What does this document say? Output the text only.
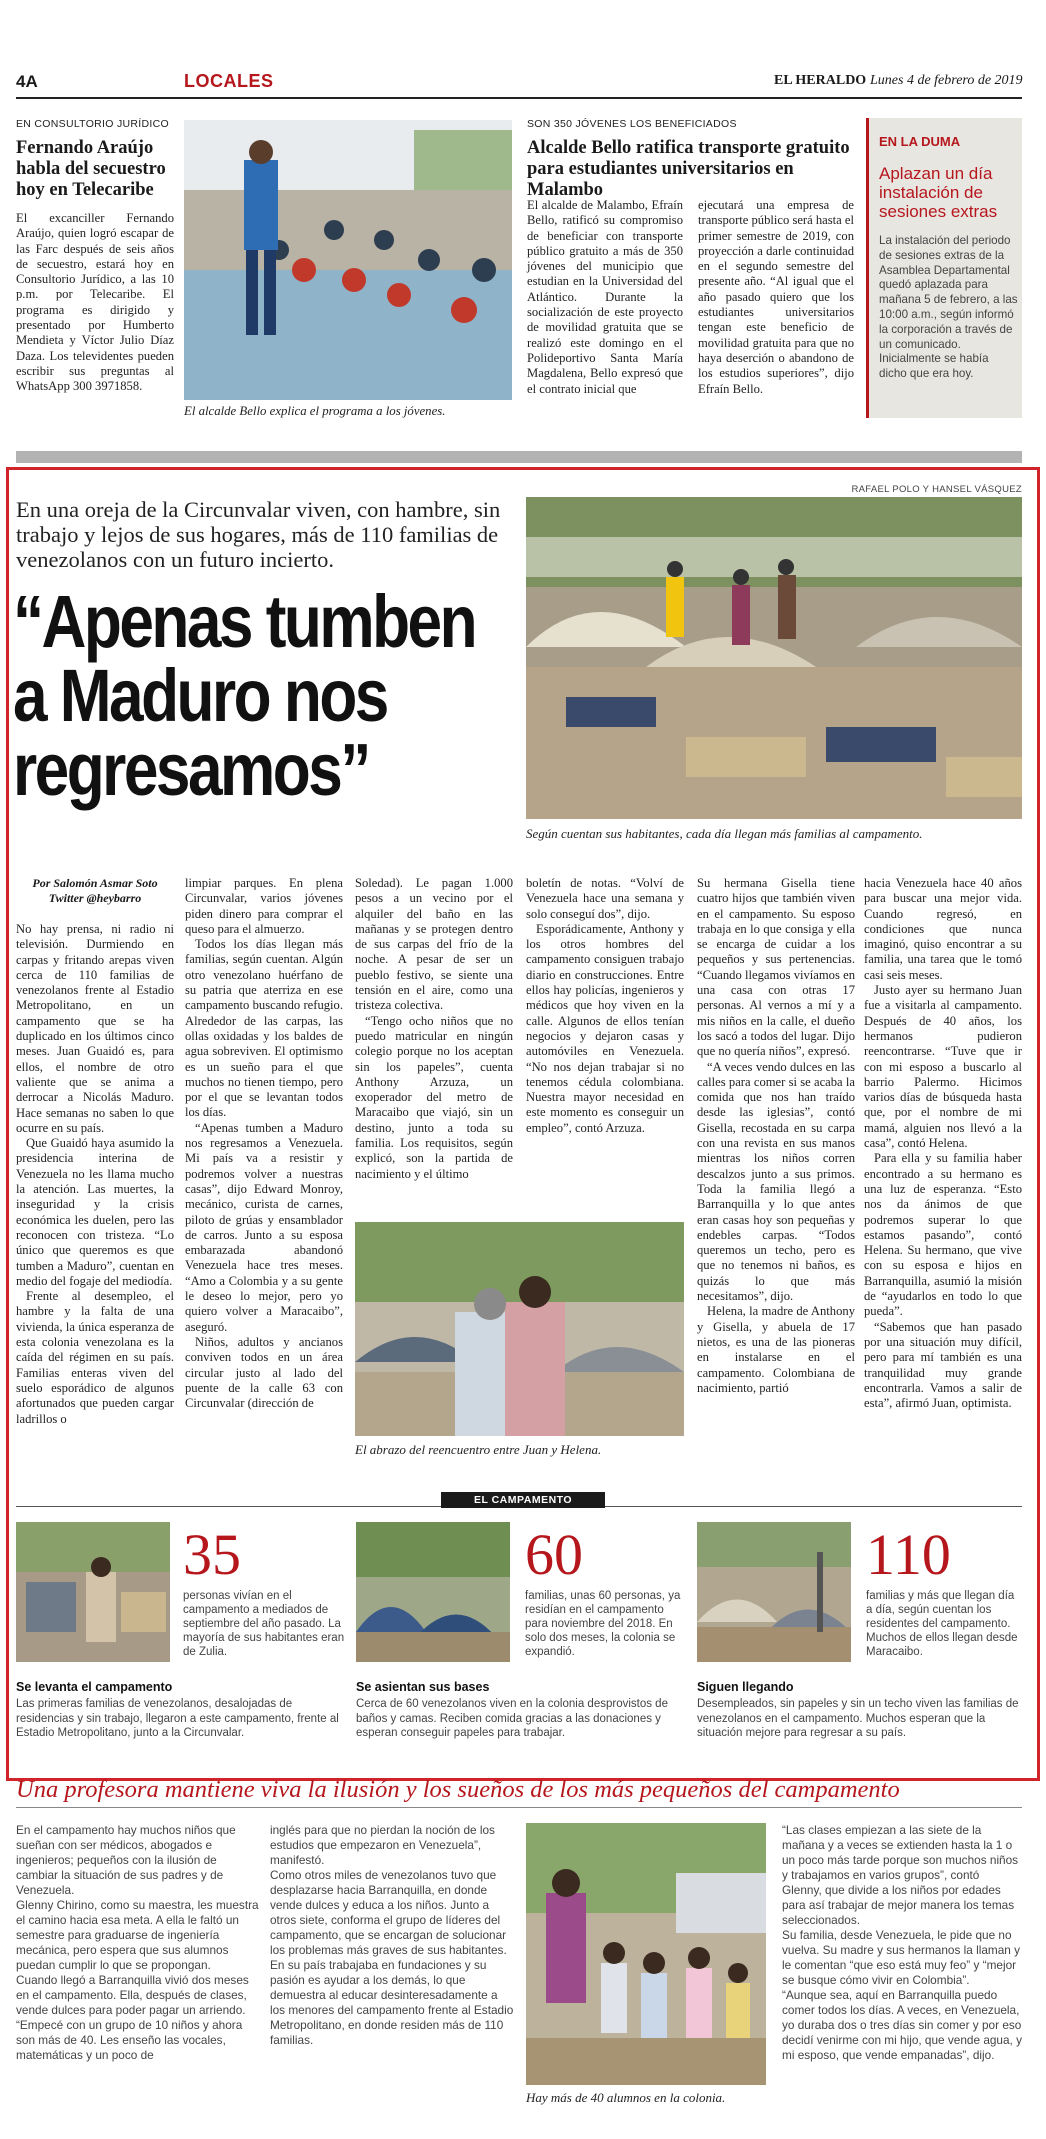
4A	LOCALES	EL HERALDO Lunes 4 de febrero de 2019
EN CONSULTORIO JURÍDICO
Fernando Araújo habla del secuestro hoy en Telecaribe
El excanciller Fernando Araújo, quien logró escapar de las Farc después de seis años de secuestro, estará hoy en Consultorio Jurídico, a las 10 p.m. por Telecaribe. El programa es dirigido y presentado por Humberto Mendieta y Víctor Julio Díaz Daza. Los televidentes pueden escribir sus preguntas al WhatsApp 300 3971858.
El alcalde Bello explica el programa a los jóvenes.
SON 350 JÓVENES LOS BENEFICIADOS
Alcalde Bello ratifica transporte gratuito para estudiantes universitarios en Malambo
El alcalde de Malambo, Efraín Bello, ratificó su compromiso de beneficiar con transporte público gratuito a más de 350 jóvenes del municipio que estudian en la Universidad del Atlántico. Durante la socialización de este proyecto de movilidad gratuita que se realizó este domingo en el Polideportivo Santa María Magdalena, Bello expresó que el contrato inicial que
ejecutará una empresa de transporte público será hasta el primer semestre de 2019, con proyección a darle continuidad en el segundo semestre del presente año. “Al igual que el año pasado quiero que los estudiantes universitarios tengan este beneficio de movilidad gratuita para que no haya deserción o abandono de los estudios superiores”, dijo Efraín Bello.
EN LA DUMA
Aplazan un día instalación de sesiones extras
La instalación del periodo de sesiones extras de la Asamblea Departamental quedó aplazada para mañana 5 de febrero, a las 10:00 a.m., según informó la corporación a través de un comunicado. Inicialmente se había dicho que era hoy.
RAFAEL POLO Y HANSEL VÁSQUEZ
En una oreja de la Circunvalar viven, con hambre, sin trabajo y lejos de sus hogares, más de 110 familias de venezolanos con un futuro incierto.
“Apenas tumben a Maduro nos regresamos”
Según cuentan sus habitantes, cada día llegan más familias al campamento.
Por Salomón Asmar Soto
Twitter @heybarro

No hay prensa, ni radio ni televisión. Durmiendo en carpas y fritando arepas viven cerca de 110 familias de venezolanos frente al Estadio Metropolitano, en un campamento que se ha duplicado en los últimos cinco meses. Juan Guaidó es, para ellos, el nombre de otro valiente que se anima a derrocar a Nicolás Maduro. Hace semanas no saben lo que ocurre en su país.

Que Guaidó haya asumido la presidencia interina de Venezuela no les llama mucho la atención. Las muertes, la inseguridad y la crisis económica les duelen, pero las reconocen con tristeza. “Lo único que queremos es que tumben a Maduro”, cuentan en medio del fogaje del mediodía.

Frente al desempleo, el hambre y la falta de una vivienda, la única esperanza de esta colonia venezolana es la caída del régimen en su país. Familias enteras viven del suelo esporádico de algunos afortunados que pueden cargar ladrillos o

limpiar parques. En plena Circunvalar, varios jóvenes piden dinero para comprar el queso para el almuerzo.

Todos los días llegan más familias, según cuentan. Algún otro venezolano huérfano de su patria que aterriza en ese campamento buscando refugio. Alrededor de las carpas, las ollas oxidadas y los baldes de agua sobreviven. El optimismo es un sueño para el que muchos no tienen tiempo, pero por el que se levantan todos los días.

“Apenas tumben a Maduro nos regresamos a Venezuela. Mi país va a resistir y podremos volver a nuestras casas”, dijo Edward Monroy, mecánico, curista de carnes, piloto de grúas y ensamblador de carros. Junto a su esposa embarazada abandonó Venezuela hace tres meses. “Amo a Colombia y a su gente le deseo lo mejor, pero yo quiero volver a Maracaibo”, aseguró.

Niños, adultos y ancianos conviven todos en un área circular justo al lado del puente de la calle 63 con Circunvalar (dirección de

Soledad). Le pagan 1.000 pesos a un vecino por el alquiler del baño en las mañanas y se protegen dentro de sus carpas del frío de la noche. A pesar de ser un pueblo festivo, se siente una tensión en el aire, como una tristeza colectiva.

“Tengo ocho niños que no puedo matricular en ningún colegio porque no los aceptan sin los papeles”, cuenta Anthony Arzuza, un exoperador del metro de Maracaibo que viajó, sin un destino, junto a toda su familia. Los requisitos, según explicó, son la partida de nacimiento y el último

boletín de notas. “Volví de Venezuela hace una semana y solo conseguí dos”, dijo.

Esporádicamente, Anthony y los otros hombres del campamento consiguen trabajo diario en construcciones. Entre ellos hay policías, ingenieros y médicos que hoy viven en la calle. Algunos de ellos tenían negocios y dejaron casas y automóviles en Venezuela. “No nos dejan trabajar si no tenemos cédula colombiana. Nuestra mayor necesidad en este momento es conseguir un empleo”, contó Arzuza.

Su hermana Gisella tiene cuatro hijos que también viven en el campamento. Su esposo trabaja en lo que consiga y ella se encarga de cuidar a los pequeños y sus pertenencias. “Cuando llegamos vivíamos en una casa con otras 17 personas. Al vernos a mí y a mis niños en la calle, el dueño los sacó a todos del lugar. Dijo que no quería niños”, expresó.

“A veces vendo dulces en las calles para comer si se acaba la comida que nos han traído desde las iglesias”, contó Gisella, recostada en su carpa con una revista en sus manos mientras los niños corren descalzos junto a sus primos. Toda la familia llegó a Barranquilla y lo que antes eran casas hoy son pequeñas y endebles carpas. “Todos queremos un techo, pero es que no tenemos ni baños, es quizás lo que más necesitamos”, dijo.

Helena, la madre de Anthony y Gisella, y abuela de 17 nietos, es una de las pioneras en instalarse en el campamento. Colombiana de nacimiento, partió

hacia Venezuela hace 40 años para buscar una mejor vida. Cuando regresó, en condiciones que nunca imaginó, quiso encontrar a su familia, una tarea que le tomó casi seis meses.

Justo ayer su hermano Juan fue a visitarla al campamento. Después de 40 años, los hermanos pudieron reencontrarse. “Tuve que ir con mi esposo a buscarlo al barrio Palermo. Hicimos varios días de búsqueda hasta que, por el nombre de mi mamá, alguien nos llevó a la casa”, contó Helena.

Para ella y su familia haber encontrado a su hermano es una luz de esperanza. “Esto nos da ánimos de que podremos superar lo que estamos pasando”, contó Helena. Su hermano, que vive con su esposa e hijos en Barranquilla, asumió la misión de “ayudarlos en todo lo que pueda”.

“Sabemos que han pasado por una situación muy difícil, pero para mí también es una tranquilidad muy grande encontrarla. Vamos a salir de esta”, afirmó Juan, optimista.

El abrazo del reencuentro entre Juan y Helena.
EL CAMPAMENTO
35
personas vivían en el campamento a mediados de septiembre del año pasado. La mayoría de sus habitantes eran de Zulia.
Se levanta el campamento
Las primeras familias de venezolanos, desalojadas de residencias y sin trabajo, llegaron a este campamento, frente al Estadio Metropolitano, junto a la Circunvalar.
60
familias, unas 60 personas, ya residían en el campamento para noviembre del 2018. En solo dos meses, la colonia se expandió.
Se asientan sus bases
Cerca de 60 venezolanos viven en la colonia desprovistos de baños y camas. Reciben comida gracias a las donaciones y esperan conseguir papeles para trabajar.
110
familias y más que llegan día a día, según cuentan los residentes del campamento. Muchos de ellos llegan desde Maracaibo.
Siguen llegando
Desempleados, sin papeles y sin un techo viven las familias de venezolanos en el campamento. Muchos esperan que la situación mejore para regresar a su país.
Una profesora mantiene viva la ilusión y los sueños de los más pequeños del campamento
En el campamento hay muchos niños que sueñan con ser médicos, abogados e ingenieros; pequeños con la ilusión de cambiar la situación de sus padres y de Venezuela.
Glenny Chirino, como su maestra, les muestra el camino hacia esa meta. A ella le faltó un semestre para graduarse de ingeniería mecánica, pero espera que sus alumnos puedan cumplir lo que se propongan.
Cuando llegó a Barranquilla vivió dos meses en el campamento. Ella, después de clases, vende dulces para poder pagar un arriendo.
“Empecé con un grupo de 10 niños y ahora son más de 40. Les enseño las vocales, matemáticas y un poco de
inglés para que no pierdan la noción de los estudios que empezaron en Venezuela”, manifestó.
Como otros miles de venezolanos tuvo que desplazarse hacia Barranquilla, en donde vende dulces y educa a los niños. Junto a otros siete, conforma el grupo de líderes del campamento, que se encargan de solucionar los problemas más graves de sus habitantes.
En su país trabajaba en fundaciones y su pasión es ayudar a los demás, lo que demuestra al educar desinteresadamente a los menores del campamento frente al Estadio Metropolitano, en donde residen más de 110 familias.
Hay más de 40 alumnos en la colonia.
“Las clases empiezan a las siete de la mañana y a veces se extienden hasta la 1 o un poco más tarde porque son muchos niños y trabajamos en varios grupos”, contó Glenny, que divide a los niños por edades para así trabajar de mejor manera los temas seleccionados.
Su familia, desde Venezuela, le pide que no vuelva. Su madre y sus hermanos la llaman y le comentan “que eso está muy feo” y “mejor se busque cómo vivir en Colombia”.
“Aunque sea, aquí en Barranquilla puedo comer todos los días. A veces, en Venezuela, yo duraba dos o tres días sin comer y por eso decidí venirme con mi hijo, que vende agua, y mi esposo, que vende empanadas”, dijo.
